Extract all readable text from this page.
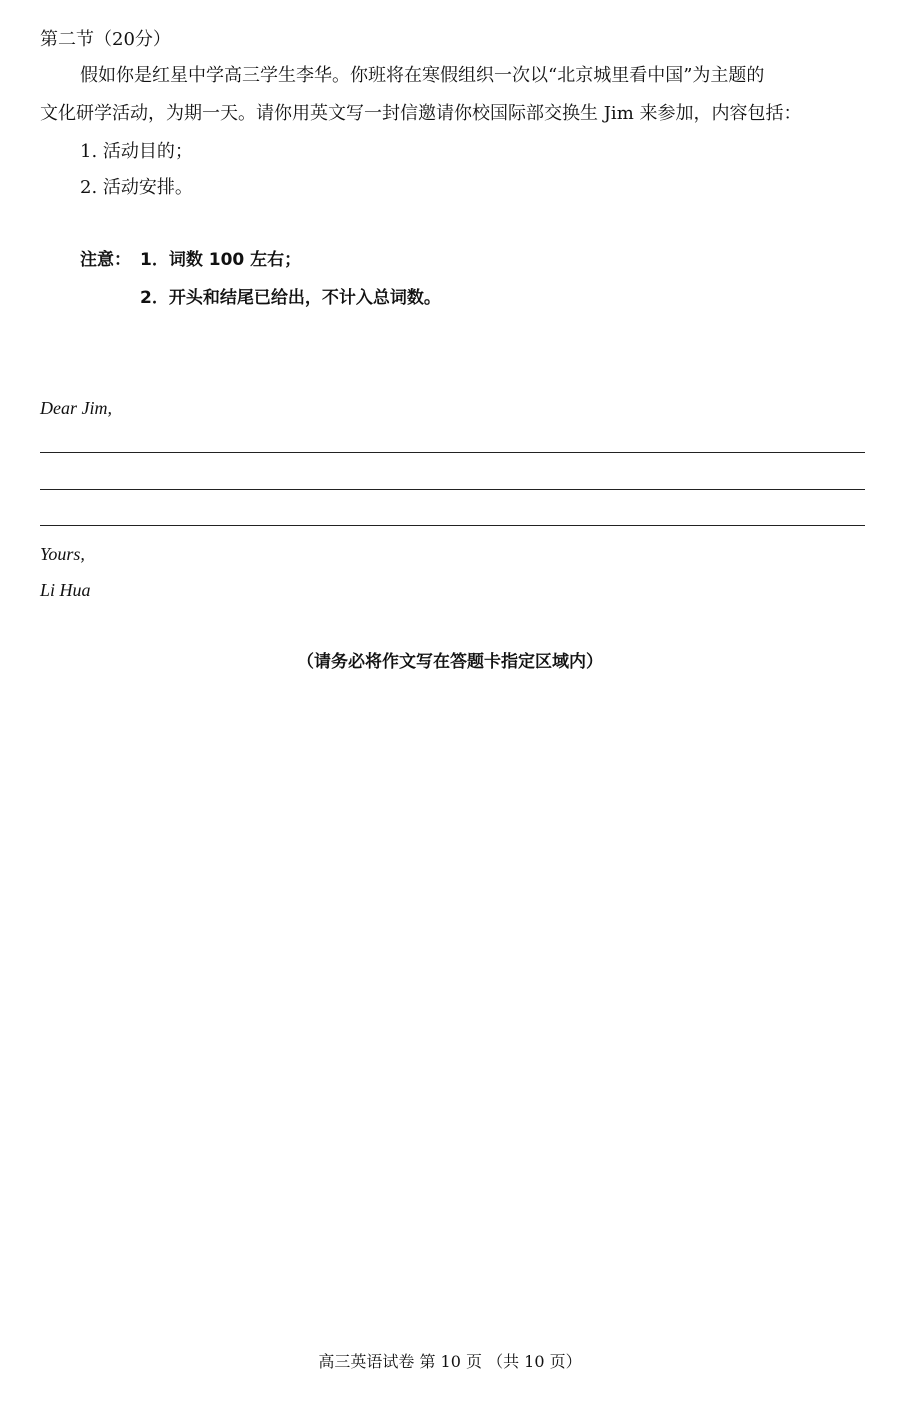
第二节（20分）
假如你是红星中学高三学生李华。你班将在寒假组织一次以“北京城里看中国”为主题的
文化研学活动，为期一天。请你用英文写一封信邀请你校国际部交换生 Jim 来参加，内容包括：
1. 活动目的；
2. 活动安排。
注意： 1．词数 100 左右；
2．开头和结尾已给出，不计入总词数。
Dear Jim,
Yours,
Li Hua
（请务必将作文写在答题卡指定区域内）
高三英语试卷 第 10 页 （共 10 页）
